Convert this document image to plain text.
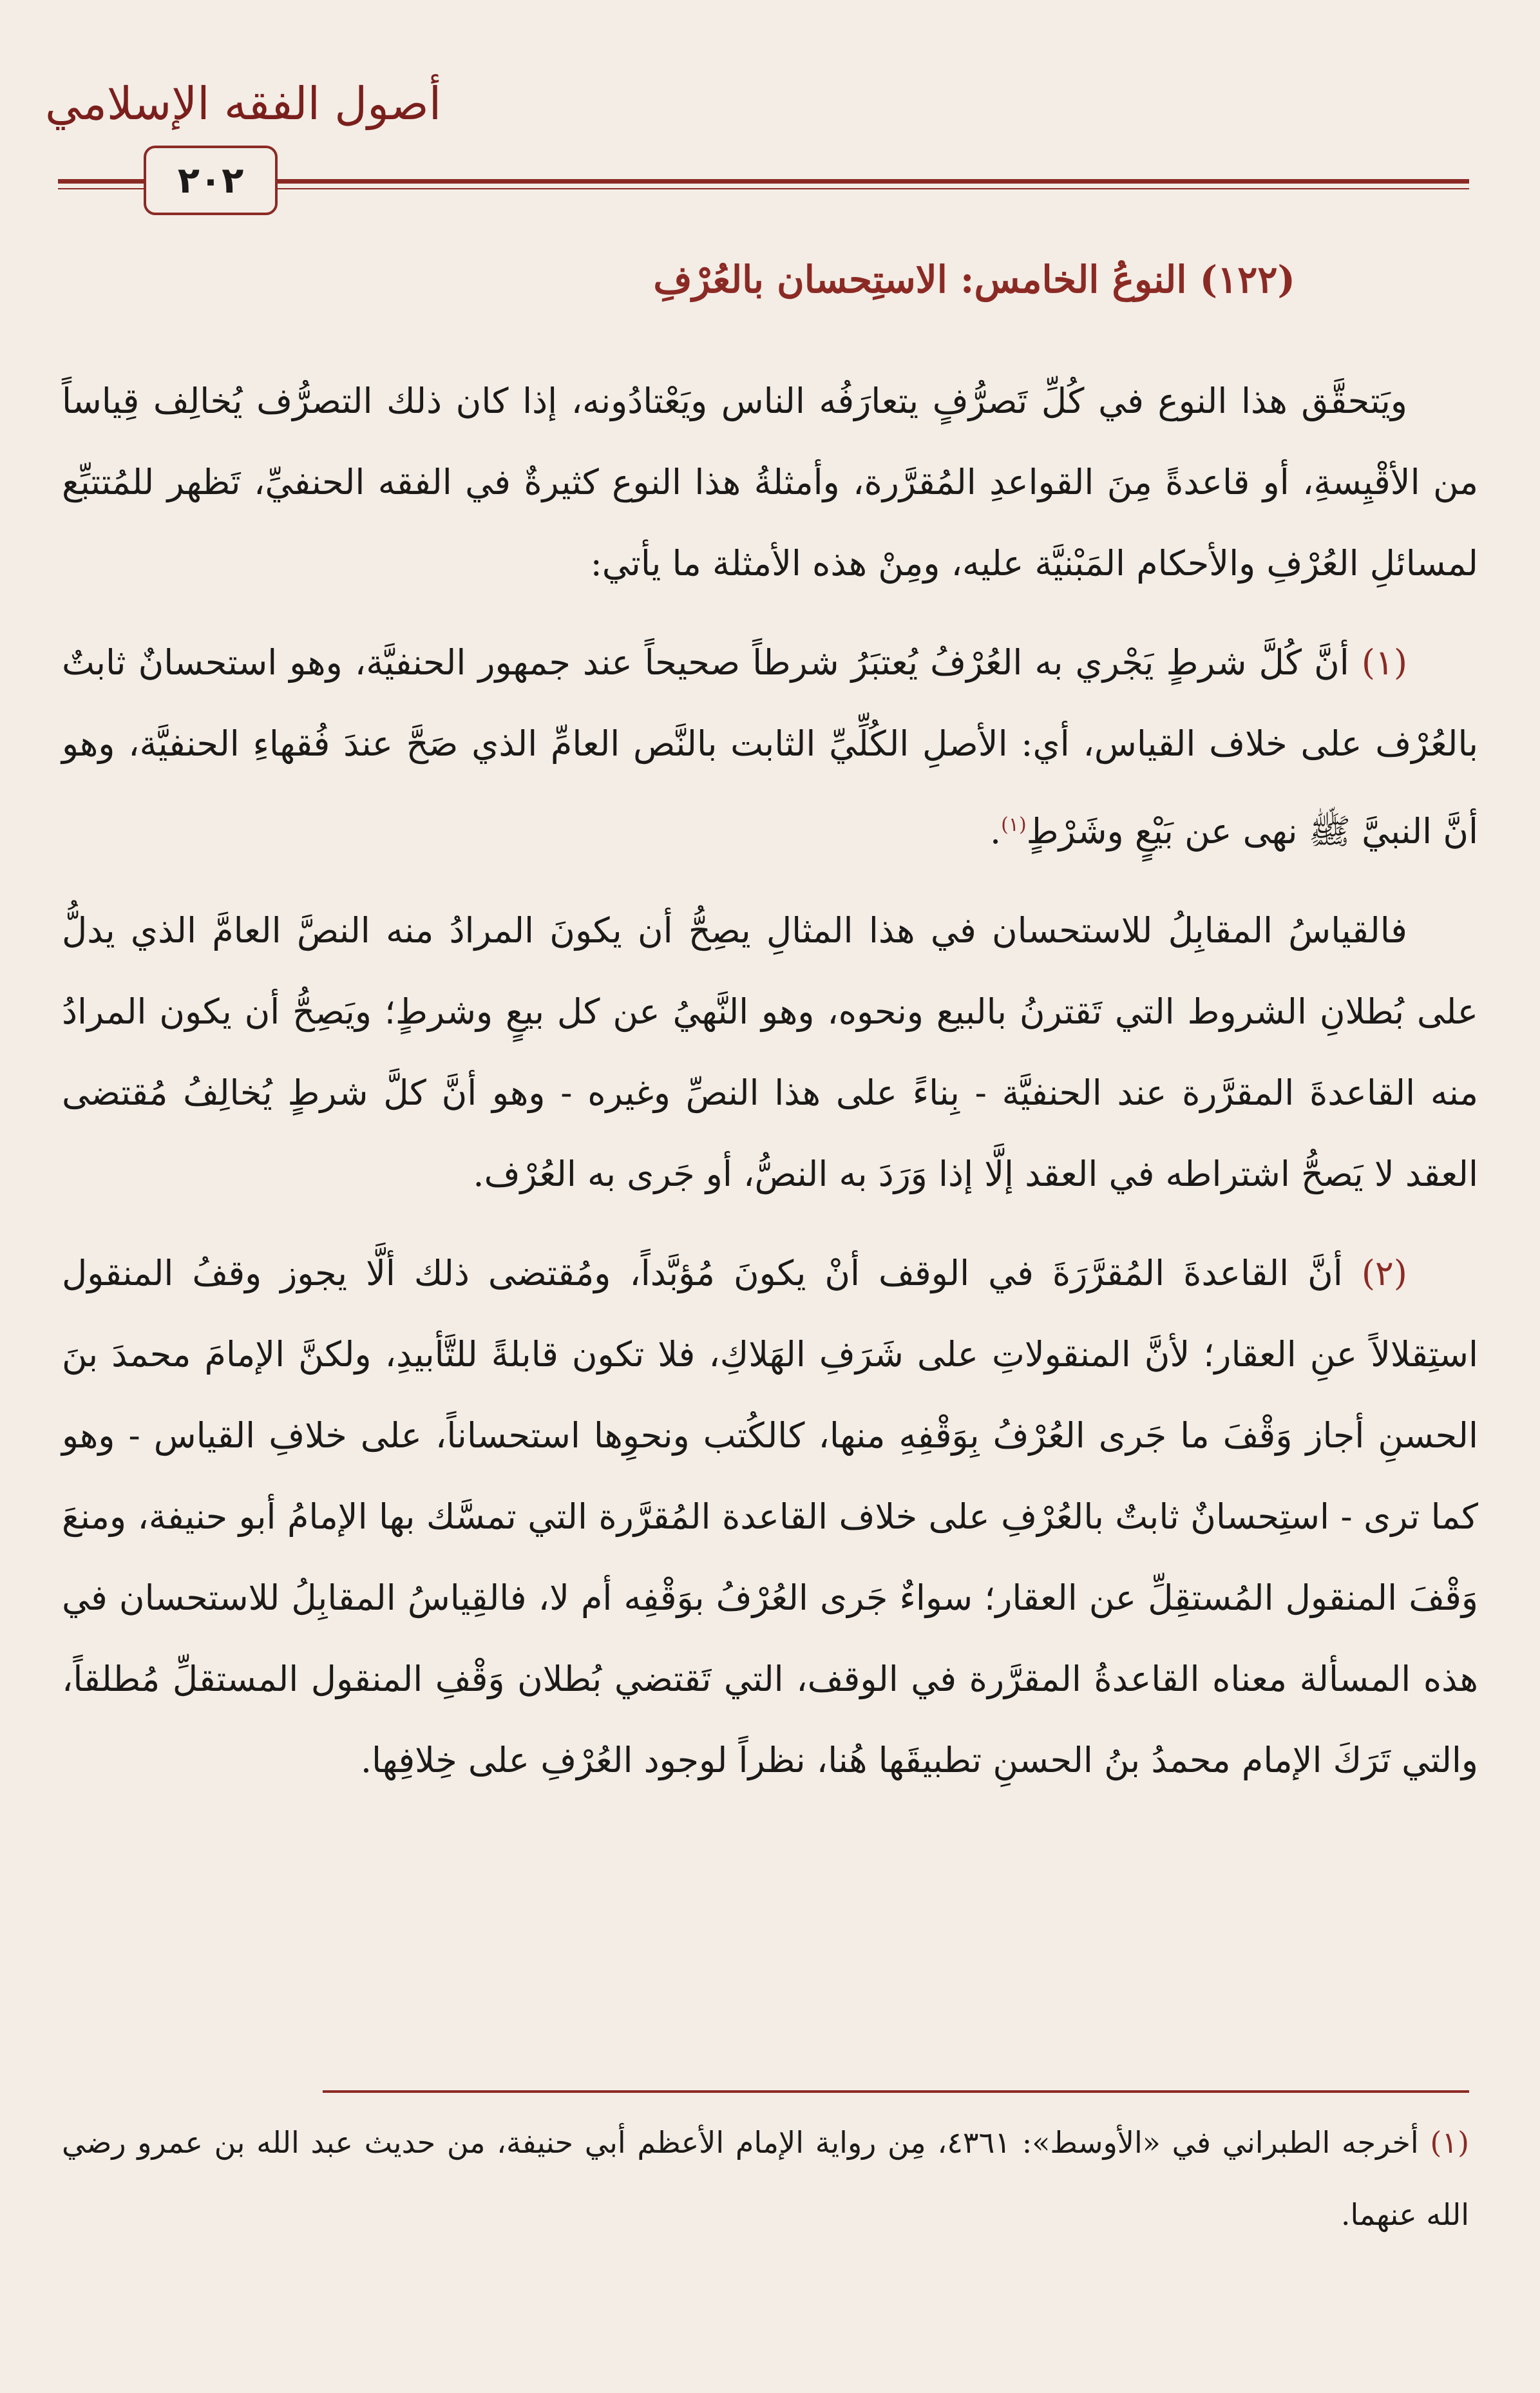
أصول الفقه الإسلامي
٢٠٢
(١٢٢) النوعُ الخامس: الاستِحسان بالعُرْفِ

ويَتحقَّق هذا النوع في كُلِّ تَصرُّفٍ يتعارَفُه الناس ويَعْتادُونه، إذا كان ذلك التصرُّف يُخالِف قِياساً من الأقْيِسةِ، أو قاعدةً مِنَ القواعدِ المُقرَّرة، وأمثلةُ هذا النوع كثيرةٌ في الفقه الحنفيِّ، تَظهر للمُتتبِّع لمسائلِ العُرْفِ والأحكام المَبْنيَّة عليه، ومِنْ هذه الأمثلة ما يأتي:

(١) أنَّ كُلَّ شرطٍ يَجْري به العُرْفُ يُعتبَرُ شرطاً صحيحاً عند جمهور الحنفيَّة، وهو استحسانٌ ثابتٌ بالعُرْف على خلاف القياس، أي: الأصلِ الكُلِّيِّ الثابت بالنَّص العامِّ الذي صَحَّ عندَ فُقهاءِ الحنفيَّة، وهو أنَّ النبيَّ ﷺ نهى عن بَيْعٍ وشَرْطٍ$^{(١)}$.

فالقياسُ المقابِلُ للاستحسان في هذا المثالِ يصِحُّ أن يكونَ المرادُ منه النصَّ العامَّ الذي يدلُّ على بُطلانِ الشروط التي تَقترنُ بالبيع ونحوه، وهو النَّهيُ عن كل بيعٍ وشرطٍ؛ ويَصِحُّ أن يكون المرادُ منه القاعدةَ المقرَّرة عند الحنفيَّة - بِناءً على هذا النصِّ وغيره - وهو أنَّ كلَّ شرطٍ يُخالِفُ مُقتضى العقد لا يَصحُّ اشتراطه في العقد إلَّا إذا وَرَدَ به النصُّ، أو جَرى به العُرْف.

(٢) أنَّ القاعدةَ المُقرَّرَةَ في الوقف أنْ يكونَ مُؤبَّداً، ومُقتضى ذلك ألَّا يجوز وقفُ المنقول استِقلالاً عنِ العقار؛ لأنَّ المنقولاتِ على شَرَفِ الهَلاكِ، فلا تكون قابلةً للتَّأبيدِ، ولكنَّ الإمامَ محمدَ بنَ الحسنِ أجاز وَقْفَ ما جَرى العُرْفُ بِوَقْفِهِ منها، كالكُتب ونحوِها استحساناً، على خلافِ القياس - وهو كما ترى - استِحسانٌ ثابتٌ بالعُرْفِ على خلاف القاعدة المُقرَّرة التي تمسَّك بها الإمامُ أبو حنيفة، ومنعَ وَقْفَ المنقول المُستقِلِّ عن العقار؛ سواءٌ جَرى العُرْفُ بوَقْفِه أم لا، فالقِياسُ المقابِلُ للاستحسان في هذه المسألة معناه القاعدةُ المقرَّرة في الوقف، التي تَقتضي بُطلان وَقْفِ المنقول المستقلِّ مُطلقاً، والتي تَرَكَ الإمام محمدُ بنُ الحسنِ تطبيقَها هُنا، نظراً لوجود العُرْفِ على خِلافِها.

(١) أخرجه الطبراني في «الأوسط»: ٤٣٦١، مِن رواية الإمام الأعظم أبي حنيفة، من حديث عبد الله بن عمرو رضي الله عنهما.
